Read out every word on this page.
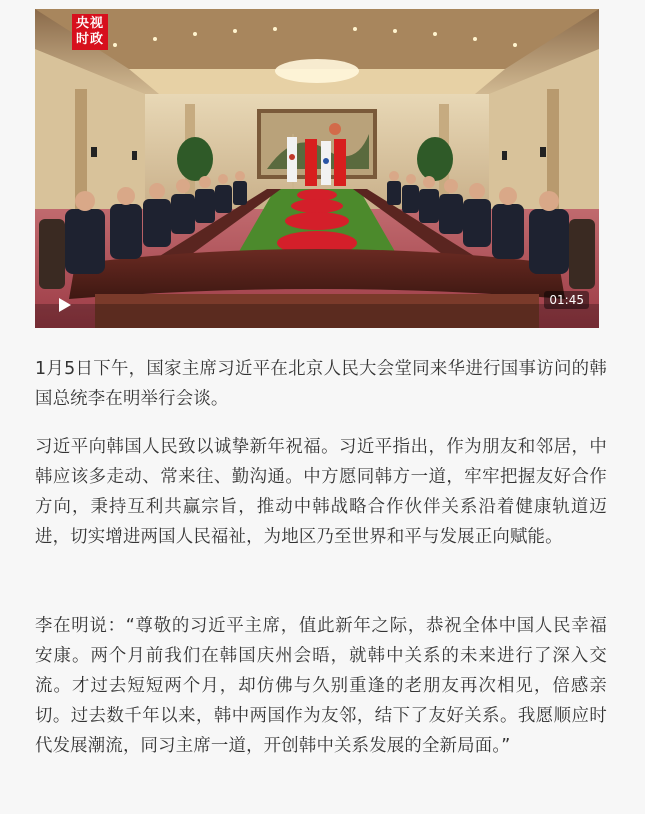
央视
时政
01:45

1月5日下午，国家主席习近平在北京人民大会堂同来华进行国事访问的韩国总统李在明举行会谈。

习近平向韩国人民致以诚挚新年祝福。习近平指出，作为朋友和邻居，中韩应该多走动、常来往、勤沟通。中方愿同韩方一道，牢牢把握友好合作方向，秉持互利共赢宗旨，推动中韩战略合作伙伴关系沿着健康轨道迈进，切实增进两国人民福祉，为地区乃至世界和平与发展正向赋能。

李在明说：“尊敬的习近平主席，值此新年之际，恭祝全体中国人民幸福安康。两个月前我们在韩国庆州会晤，就韩中关系的未来进行了深入交流。才过去短短两个月，却仿佛与久别重逢的老朋友再次相见，倍感亲切。过去数千年以来，韩中两国作为友邻，结下了友好关系。我愿顺应时代发展潮流，同习主席一道，开创韩中关系发展的全新局面。”
